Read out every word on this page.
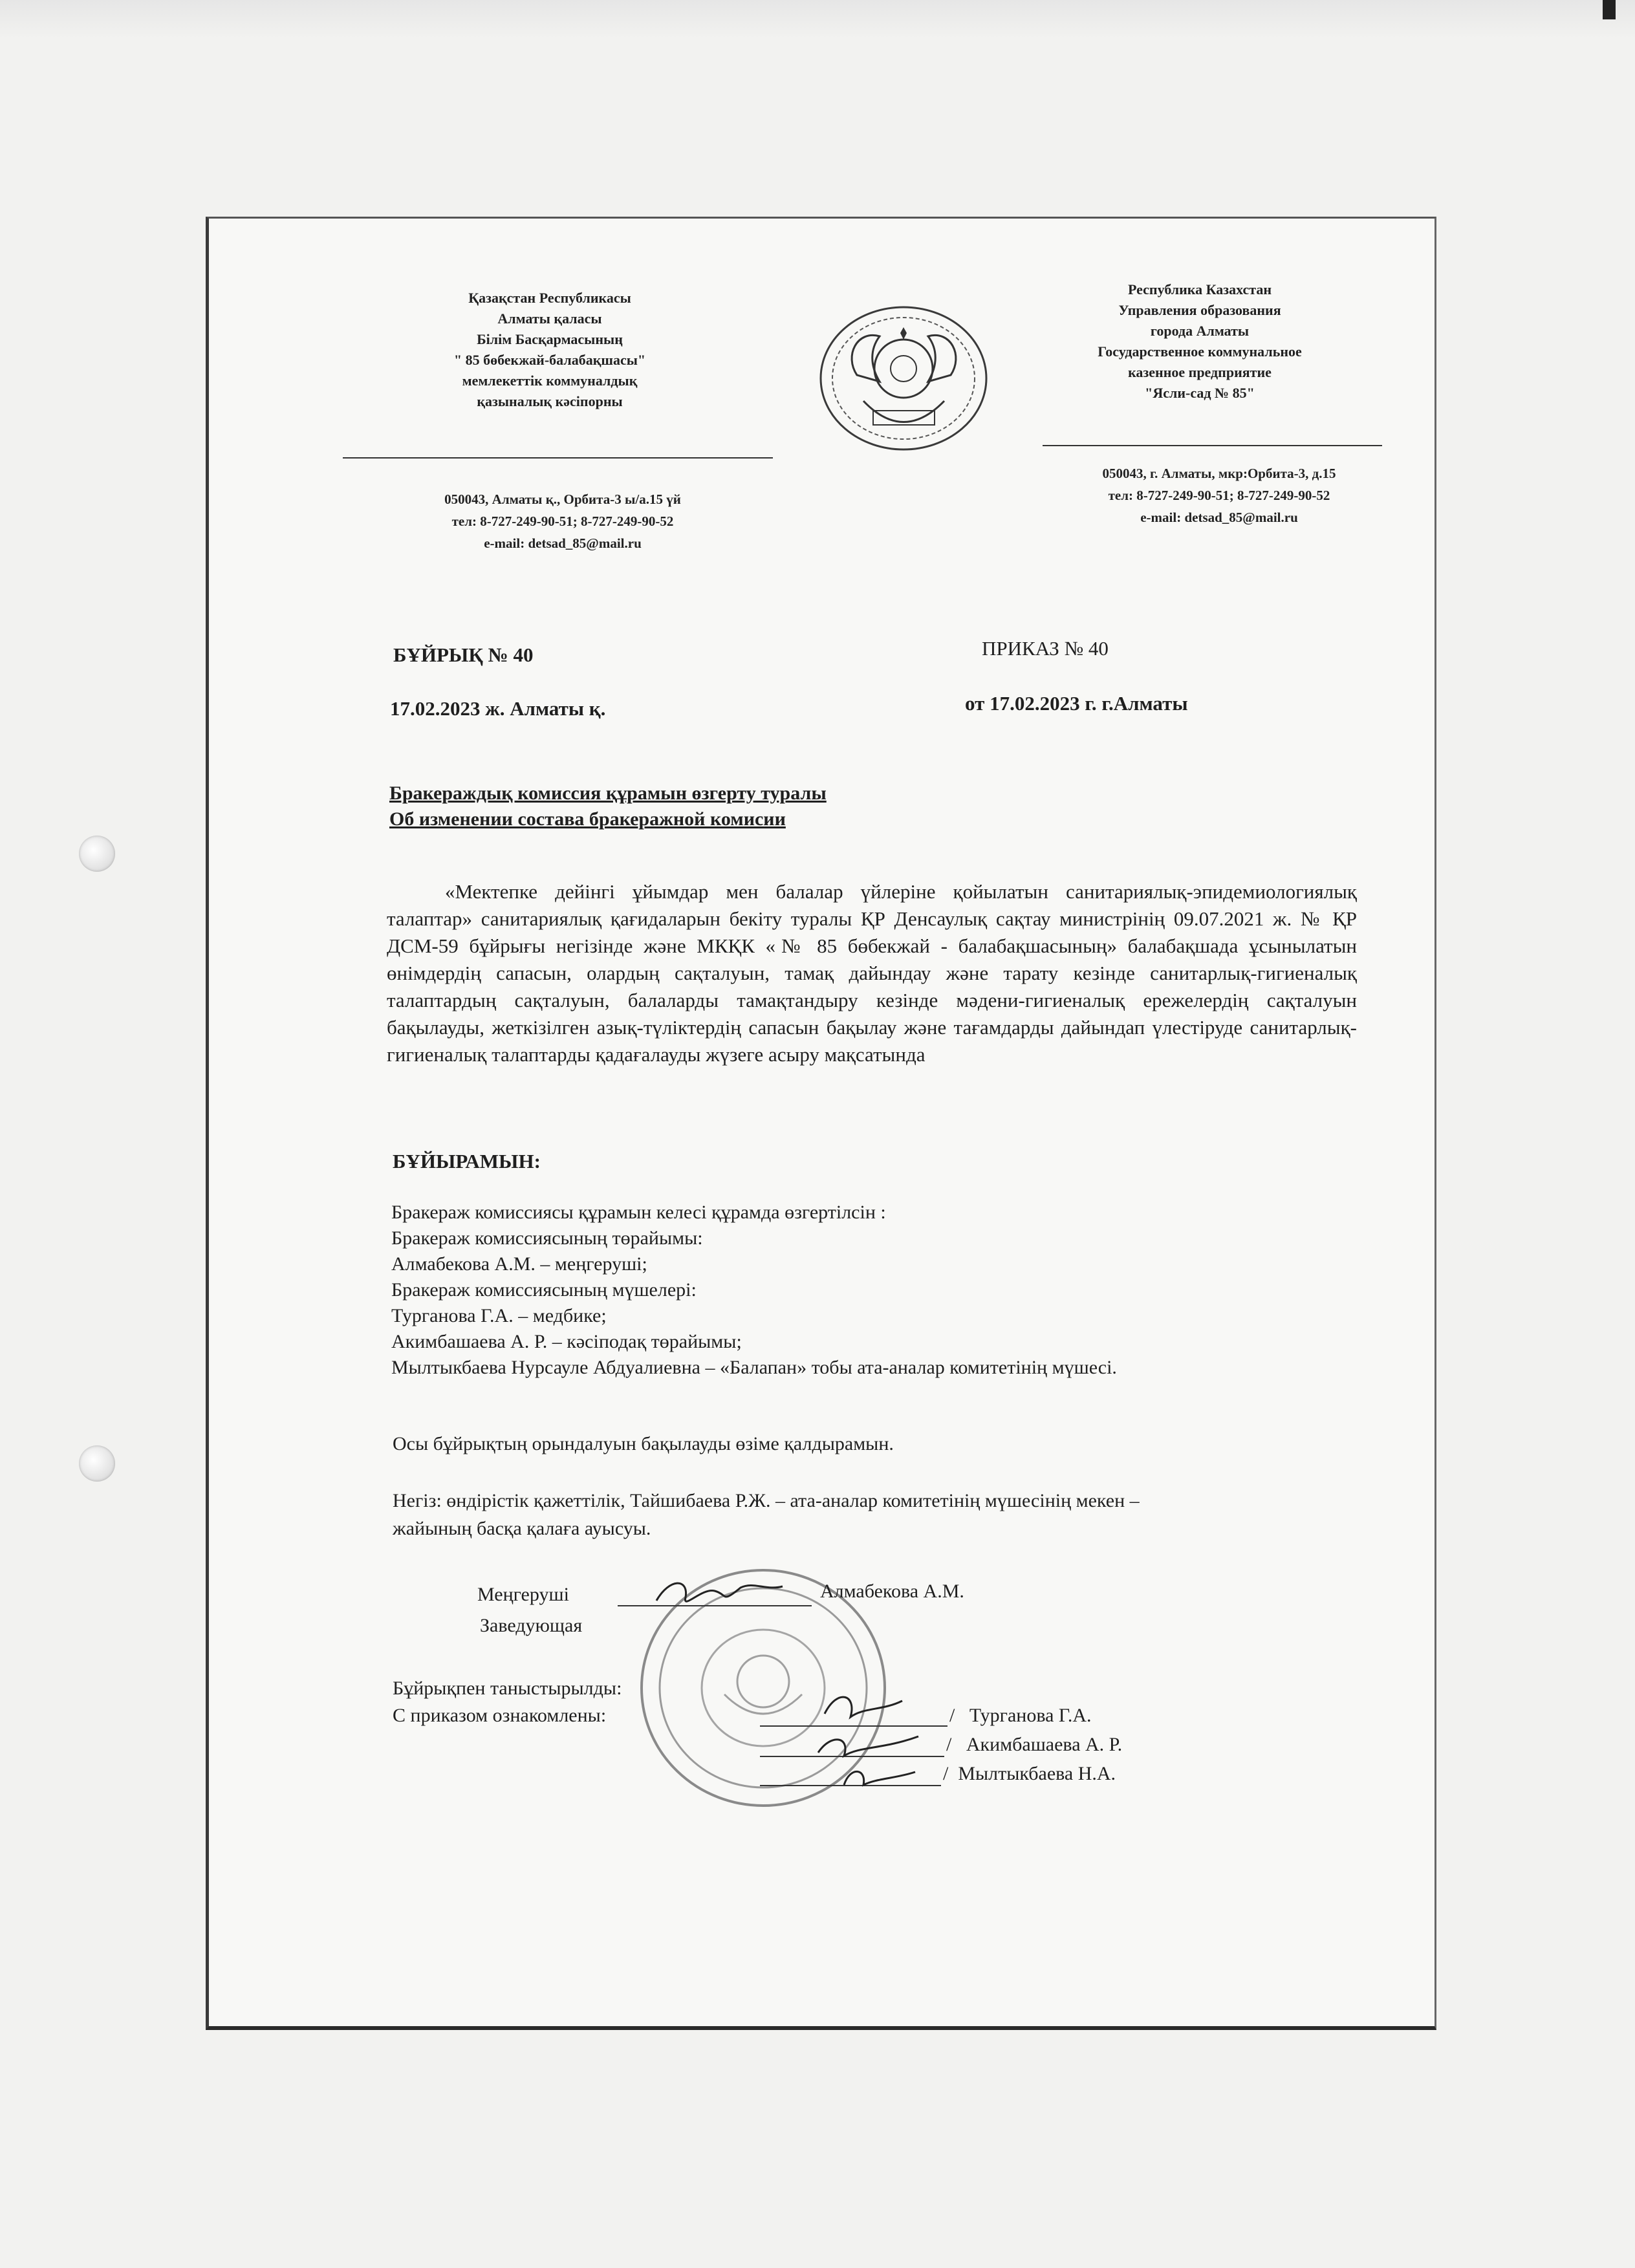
Қазақстан Республикасы
Алматы қаласы
Білім Басқармасының
" 85 бөбекжай-балабақшасы"
мемлекеттік коммуналдық
қазыналық кәсіпорны
050043, Алматы қ., Орбита-3 ы/а.15 үй
тел: 8-727-249-90-51; 8-727-249-90-52
e-mail: detsad_85@mail.ru
Республика Казахстан
Управления образования
города Алматы
Государственное коммунальное
казенное предприятие
"Ясли-сад № 85"
050043, г. Алматы, мкр:Орбита-3, д.15
тел: 8-727-249-90-51; 8-727-249-90-52
e-mail: detsad_85@mail.ru
БҰЙРЫҚ № 40	ПРИКАЗ № 40
17.02.2023 ж. Алматы қ.	от 17.02.2023 г. г.Алматы
Бракераждық комиссия құрамын өзгерту туралы
Об изменении состава бракеражной комисии
«Мектепке дейінгі ұйымдар мен балалар үйлеріне қойылатын санитариялық-эпидемиологиялық талаптар» санитариялық қағидаларын бекіту туралы ҚР Денсаулық сақтау министрінің 09.07.2021 ж. № ҚР ДСМ-59 бұйрығы негізінде және МКҚК «№ 85 бөбекжай - балабақшасының» балабақшада ұсынылатын өнімдердің сапасын, олардың сақталуын, тамақ дайындау және тарату кезінде санитарлық-гигиеналық талаптардың сақталуын, балаларды тамақтандыру кезінде мәдени-гигиеналық ережелердің сақталуын бақылауды, жеткізілген азық-түліктердің сапасын бақылау және тағамдарды дайындап үлестіруде санитарлық-гигиеналық талаптарды қадағалауды жүзеге асыру мақсатында
БҰЙЫРАМЫН:
Бракераж комиссиясы құрамын келесі құрамда өзгертілсін :
Бракераж комиссиясының төрайымы:
Алмабекова А.М. – меңгеруші;
Бракераж комиссиясының мүшелері:
Турганова Г.А. – медбике;
Акимбашаева А. Р. – кәсіподақ төрайымы;
Мылтыкбаева Нурсауле Абдуалиевна – «Балапан» тобы ата-аналар комитетінің мүшесі.
Осы бұйрықтың орындалуын бақылауды өзіме қалдырамын.
Негіз: өндірістік қажеттілік, Тайшибаева Р.Ж. – ата-аналар комитетінің мүшесінің мекен –
жайының басқа қалаға ауысуы.
Меңгеруші
Заведующая
Алмабекова А.М.
Бұйрықпен таныстырылды:
С приказом ознакомлены:	/   Турганова Г.А.
/   Акимбашаева А. Р.
/  Мылтыкбаева Н.А.
